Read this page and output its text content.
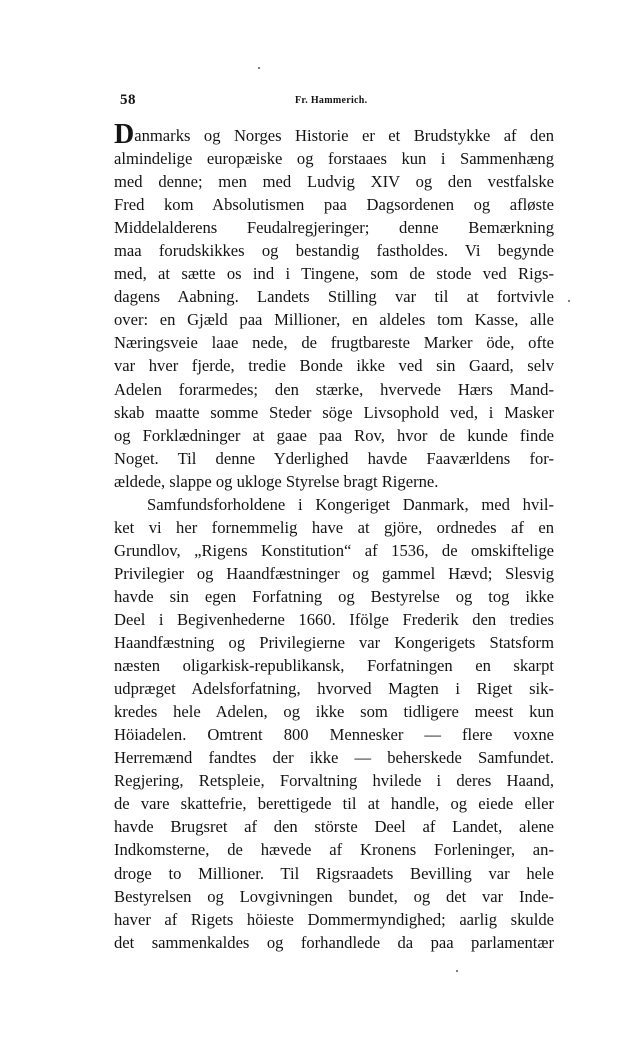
58	Fr. Hammerich.
Danmarks og Norges Historie er et Brudstykke af den
almindelige europæiske og forstaaes kun i Sammenhæng
med denne; men med Ludvig XIV og den vestfalske
Fred kom Absolutismen paa Dagsordenen og afløste
Middelalderens Feudalregjeringer; denne Bemærkning
maa forudskikkes og bestandig fastholdes. Vi begynde
med, at sætte os ind i Tingene, som de stode ved Rigs-
dagens Aabning. Landets Stilling var til at fortvivle
over: en Gjæld paa Millioner, en aldeles tom Kasse, alle
Næringsveie laae nede, de frugtbareste Marker öde, ofte
var hver fjerde, tredie Bonde ikke ved sin Gaard, selv
Adelen forarmedes; den stærke, hvervede Hærs Mand-
skab maatte somme Steder söge Livsophold ved, i Masker
og Forklædninger at gaae paa Rov, hvor de kunde finde
Noget. Til denne Yderlighed havde Faaværldens for-
ældede, slappe og ukloge Styrelse bragt Rigerne.
Samfundsforholdene i Kongeriget Danmark, med hvil-
ket vi her fornemmelig have at gjöre, ordnedes af en
Grundlov, „Rigens Konstitution“ af 1536, de omskiftelige
Privilegier og Haandfæstninger og gammel Hævd; Slesvig
havde sin egen Forfatning og Bestyrelse og tog ikke
Deel i Begivenhederne 1660. Ifölge Frederik den tredies
Haandfæstning og Privilegierne var Kongerigets Statsform
næsten oligarkisk-republikansk, Forfatningen en skarpt
udpræget Adelsforfatning, hvorved Magten i Riget sik-
kredes hele Adelen, og ikke som tidligere meest kun
Höiadelen. Omtrent 800 Mennesker — flere voxne
Herremænd fandtes der ikke — beherskede Samfundet.
Regjering, Retspleie, Forvaltning hvilede i deres Haand,
de vare skattefrie, berettigede til at handle, og eiede eller
havde Brugsret af den störste Deel af Landet, alene
Indkomsterne, de hævede af Kronens Forleninger, an-
droge to Millioner. Til Rigsraadets Bevilling var hele
Bestyrelsen og Lovgivningen bundet, og det var Inde-
haver af Rigets höieste Dommermyndighed; aarlig skulde
det sammenkaldes og forhandlede da paa parlamentær
